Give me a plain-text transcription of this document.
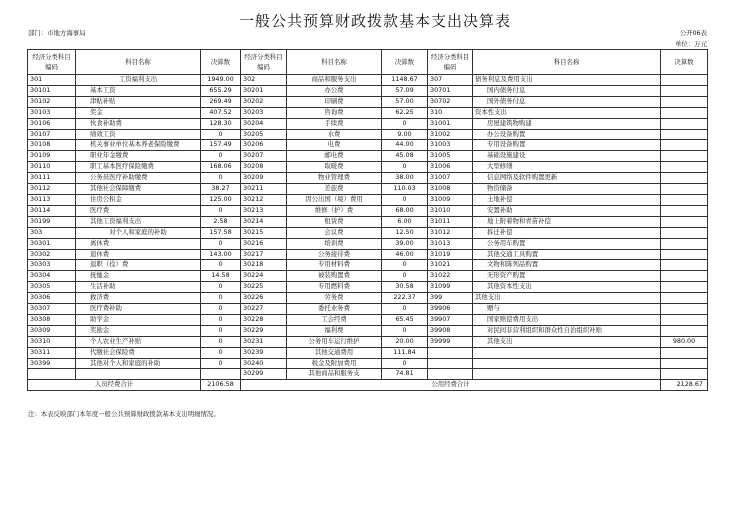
一般公共预算财政拨款基本支出决算表
部门：市地方海事局	公开06表
单位：万元
经济分类科目编码	科目名称	决算数	经济分类科目编码	科目名称	决算数	经济分类科目编码	科目名称	决算数
301	工资福利支出	1949.00	302	商品和服务支出	1148.67	307	债务利息及费用支出	
30101	基本工资	655.29	30201	办公费	57.09	30701	国内债务付息	
30102	津贴补贴	269.49	30202	印刷费	57.00	30702	国外债务付息	
30103	奖金	407.52	30203	咨询费	62.25	310	资本性支出	
30106	伙食补助费	128.30	30204	手续费	0	31001	房屋建筑物购建	
30107	绩效工资	0	30205	水费	9.00	31002	办公设备购置	
30108	机关事业单位基本养老保险缴费	157.49	30206	电费	44.00	31003	专用设备购置	
30109	职业年金缴费	0	30207	邮电费	45.08	31005	基础设施建设	
30110	职工基本医疗保险缴费	168.06	30208	取暖费	0	31006	大型修缮	
30111	公务员医疗补助缴费	0	30209	物业管理费	38.00	31007	信息网络及软件购置更新	
30112	其他社会保障缴费	38.27	30211	差旅费	110.03	31008	物资储备	
30113	住房公积金	125.00	30212	因公出国（境）费用	0	31009	土地补偿	
30114	医疗费	0	30213	维修（护）费	68.00	31010	安置补助	
30199	其他工资福利支出	2.58	30214	租赁费	6.00	31011	地上附着物和青苗补偿	
303	对个人和家庭的补助	157.58	30215	会议费	12.50	31012	拆迁补偿	
30301	离休费	0	30216	培训费	39.00	31013	公务用车购置	
30302	退休费	143.00	30217	公务接待费	46.00	31019	其他交通工具购置	
30303	退职（役）费	0	30218	专用材料费	0	31021	文物和陈列品购置	
30304	抚恤金	14.58	30224	被装购置费	0	31022	无形资产购置	
30305	生活补助	0	30225	专用燃料费	30.58	31099	其他资本性支出	
30306	救济费	0	30226	劳务费	222.37	399	其他支出	
30307	医疗费补助	0	30227	委托业务费	0	39906	赠与	
30308	助学金	0	30228	工会经费	65.45	39907	国家赔偿费用支出	
30309	奖励金	0	30229	福利费	0	39908	对民间非营利组织和群众性自治组织补贴	
30310	个人农业生产补贴	0	30231	公务用车运行维护	20.00	39999	其他支出	980.00
30311	代缴社会保险费	0	30239	其他交通费用	111.84			
30399	其他对个人和家庭的补助	0	30240	税金及附加费用	0			
			30299	其他商品和服务支	74.81			
人员经费合计		2106.58	公用经费合计					2128.67
注：本表反映部门本年度一般公共预算财政拨款基本支出明细情况。
